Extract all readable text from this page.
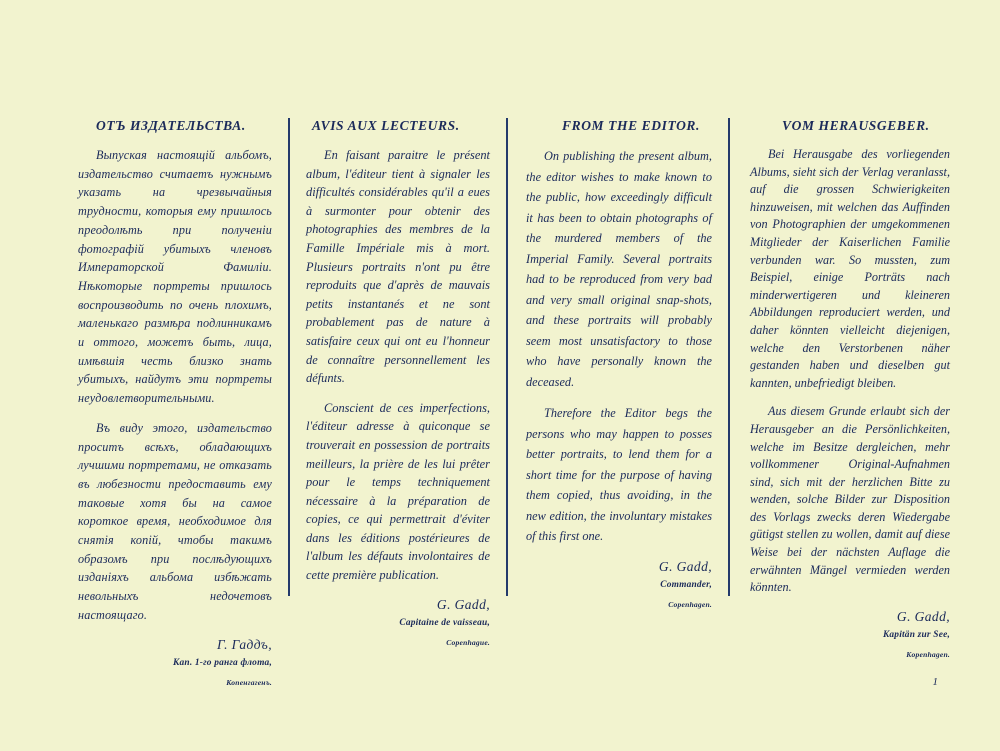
ОТЪ ИЗДАТЕЛЬСТВА.

Выпуская настоящiй альбомъ, издательство считаетъ нужнымъ указать на чрезвычайныя трудности, которыя ему пришлось преодолѣть при полученiи фотографiй убитыхъ членовъ Императорской Фамилiи. Нѣкоторые портреты пришлось воспроизводить по очень плохимъ, маленькаго размѣра подлинникамъ и оттого, можетъ быть, лица, имѣвшiя честь близко знать убитыхъ, найдутъ эти портреты неудовлетворительными.

Въ виду этого, издательство проситъ всѣхъ, обладающихъ лучшими портретами, не отказать въ любезности предоставить ему таковые хотя бы на самое короткое время, необходимое для снятiя копiй, чтобы такимъ образомъ при послѣдующихъ изданiяхъ альбома избѣжать невольныхъ недочетовъ настоящаго.

Г. Гаддъ,
Кап. 1-го ранга флота,
Копенгагенъ.
AVIS AUX LECTEURS.

En faisant paraitre le présent album, l'éditeur tient à signaler les difficultés considérables qu'il a eues à surmonter pour obtenir des photographies des membres de la Famille Impériale mis à mort. Plusieurs portraits n'ont pu être reproduits que d'après de mauvais petits instantanés et ne sont probablement pas de nature à satisfaire ceux qui ont eu l'honneur de connaître personnellement les défunts.

Conscient de ces imperfections, l'éditeur adresse à quiconque se trouverait en possession de portraits meilleurs, la prière de les lui prêter pour le temps techniquement nécessaire à la préparation de copies, ce qui permettrait d'éviter dans les éditions postérieures de l'album les défauts involontaires de cette première publication.

G. Gadd,
Capitaine de vaisseau,
Copenhague.
FROM THE EDITOR.

On publishing the present album, the editor wishes to make known to the public, how exceedingly difficult it has been to obtain photographs of the murdered members of the Imperial Family. Several portraits had to be reproduced from very bad and very small original snap-shots, and these portraits will probably seem most unsatisfactory to those who have personally known the deceased.

Therefore the Editor begs the persons who may happen to posses better portraits, to lend them for a short time for the purpose of having them copied, thus avoiding, in the new edition, the involuntary mistakes of this first one.

G. Gadd,
Commander,
Copenhagen.
VOM HERAUSGEBER.

Bei Herausgabe des vorliegenden Albums, sieht sich der Verlag veranlasst, auf die grossen Schwierigkeiten hinzuweisen, mit welchen das Auffinden von Photographien der umgekommenen Mitglieder der Kaiserlichen Familie verbunden war. So mussten, zum Beispiel, einige Porträts nach minderwertigeren und kleineren Abbildungen reproduciert werden, und daher könnten vielleicht diejenigen, welche den Verstorbenen näher gestanden haben und dieselben gut kannten, unbefriedigt bleiben.

Aus diesem Grunde erlaubt sich der Herausgeber an die Persönlichkeiten, welche im Besitze dergleichen, mehr vollkommener Original-Aufnahmen sind, sich mit der herzlichen Bitte zu wenden, solche Bilder zur Disposition des Vorlags zwecks deren Wiedergabe gütigst stellen zu wollen, damit auf diese Weise bei der nächsten Auflage die erwähnten Mängel vermieden werden könnten.

G. Gadd,
Kapitän zur See,
Kopenhagen.
1
